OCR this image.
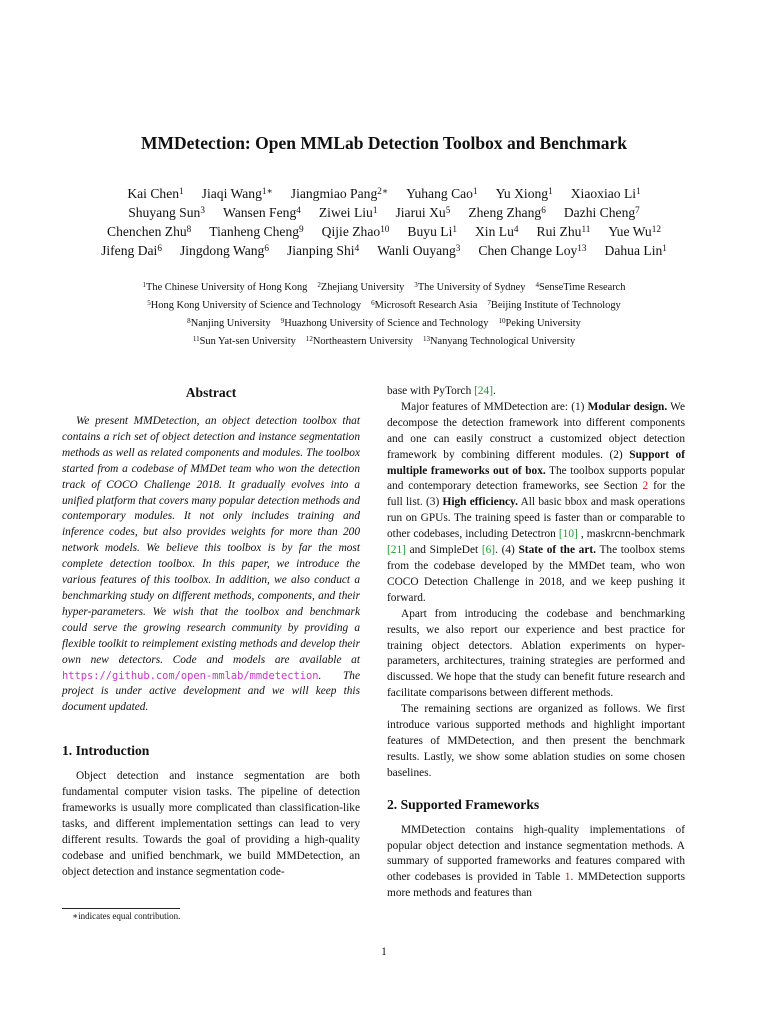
MMDetection: Open MMLab Detection Toolbox and Benchmark
Kai Chen$^1$ Jiaqi Wang$^{1∗}$ Jiangmiao Pang$^{2∗}$ Yuhang Cao$^1$ Yu Xiong$^1$ Xiaoxiao Li$^1$
Shuyang Sun$^3$ Wansen Feng$^4$ Ziwei Liu$^1$ Jiarui Xu$^5$ Zheng Zhang$^6$ Dazhi Cheng$^7$
Chenchen Zhu$^8$ Tianheng Cheng$^9$ Qijie Zhao$^{10}$ Buyu Li$^1$ Xin Lu$^4$ Rui Zhu$^{11}$ Yue Wu$^{12}$
Jifeng Dai$^6$ Jingdong Wang$^6$ Jianping Shi$^4$ Wanli Ouyang$^3$ Chen Change Loy$^{13}$ Dahua Lin$^1$
$^1$The Chinese University of Hong Kong $^2$Zhejiang University $^3$The University of Sydney $^4$SenseTime Research
$^5$Hong Kong University of Science and Technology $^6$Microsoft Research Asia $^7$Beijing Institute of Technology
$^8$Nanjing University $^9$Huazhong University of Science and Technology $^{10}$Peking University
$^{11}$Sun Yat-sen University $^{12}$Northeastern University $^{13}$Nanyang Technological University
Abstract

We present MMDetection, an object detection toolbox that contains a rich set of object detection and instance segmentation methods as well as related components and modules. The toolbox started from a codebase of MMDet team who won the detection track of COCO Challenge 2018. It gradually evolves into a unified platform that covers many popular detection methods and contemporary modules. It not only includes training and inference codes, but also provides weights for more than 200 network models. We believe this toolbox is by far the most complete detection toolbox. In this paper, we introduce the various features of this toolbox. In addition, we also conduct a benchmarking study on different methods, components, and their hyper-parameters. We wish that the toolbox and benchmark could serve the growing research community by providing a flexible toolkit to reimplement existing methods and develop their own new detectors. Code and models are available at https://github.com/open-mmlab/mmdetection. The project is under active development and we will keep this document updated.

1. Introduction

Object detection and instance segmentation are both fundamental computer vision tasks. The pipeline of detection frameworks is usually more complicated than classification-like tasks, and different implementation settings can lead to very different results. Towards the goal of providing a high-quality codebase and unified benchmark, we build MMDetection, an object detection and instance segmentation code-

base with PyTorch [24].

Major features of MMDetection are: (1) Modular design. We decompose the detection framework into different components and one can easily construct a customized object detection framework by combining different modules. (2) Support of multiple frameworks out of box. The toolbox supports popular and contemporary detection frameworks, see Section 2 for the full list. (3) High efficiency. All basic bbox and mask operations run on GPUs. The training speed is faster than or comparable to other codebases, including Detectron [10] , maskrcnn-benchmark [21] and SimpleDet [6]. (4) State of the art. The toolbox stems from the codebase developed by the MMDet team, who won COCO Detection Challenge in 2018, and we keep pushing it forward.

Apart from introducing the codebase and benchmarking results, we also report our experience and best practice for training object detectors. Ablation experiments on hyper-parameters, architectures, training strategies are performed and discussed. We hope that the study can benefit future research and facilitate comparisons between different methods.

The remaining sections are organized as follows. We first introduce various supported methods and highlight important features of MMDetection, and then present the benchmark results. Lastly, we show some ablation studies on some chosen baselines.

2. Supported Frameworks

MMDetection contains high-quality implementations of popular object detection and instance segmentation methods. A summary of supported frameworks and features compared with other codebases is provided in Table 1. MMDetection supports more methods and features than

∗indicates equal contribution.
1
